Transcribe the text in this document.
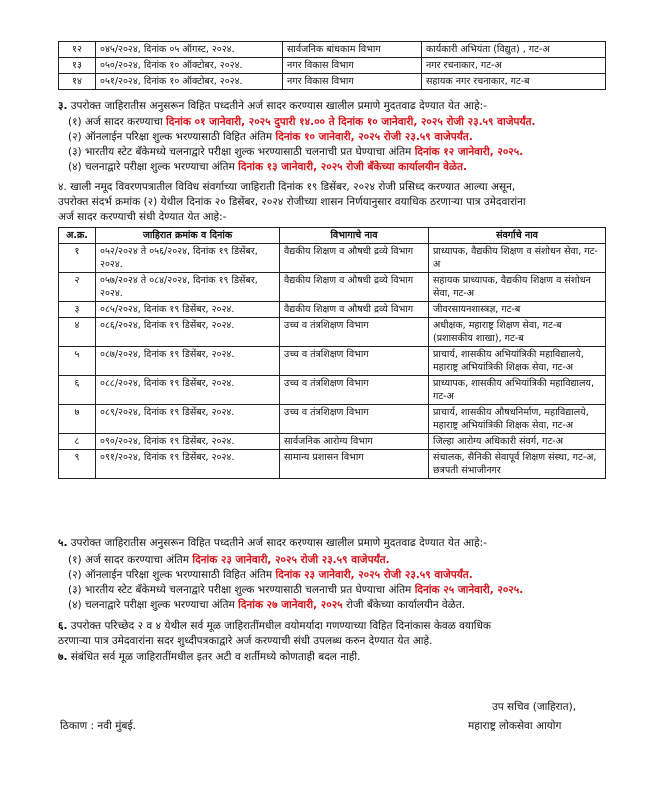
१२	०४५/२०२४, दिनांक ०५ ऑगस्ट, २०२४.	सार्वजनिक बांधकाम विभाग	कार्यकारी अभियंता (विद्युत) , गट-अ
१३	०५०/२०२४, दिनांक १० ऑक्टोबर, २०२४.	नगर विकास विभाग	नगर रचनाकार, गट-अ
१४	०५१/२०२४, दिनांक १० ऑक्टोबर, २०२४.	नगर विकास विभाग	सहायक नगर रचनाकार, गट-ब
३. उपरोक्त जाहिरातीस अनुसरून विहित पध्दतीने अर्ज सादर करण्यास खालील प्रमाणे मुदतवाढ देण्यात येत आहे:-
(१) अर्ज सादर करण्याचा दिनांक ०१ जानेवारी, २०२५ दुपारी १४.०० ते दिनांक १० जानेवारी, २०२५ रोजी २३.५९ वाजेपर्यंत.
(२) ऑनलाईन परिक्षा शुल्क भरण्यासाठी विहित अंतिम दिनांक १० जानेवारी, २०२५ रोजी २३.५९ वाजेपर्यंत.
(३) भारतीय स्टेट बँकेमध्ये चलनाद्वारे परीक्षा शुल्क भरण्यासाठी चलनाची प्रत घेण्याचा अंतिम दिनांक १२ जानेवारी, २०२५.
(४) चलनाद्वारे परीक्षा शुल्क भरण्याचा अंतिम दिनांक १३ जानेवारी, २०२५ रोजी बँकेच्या कार्यालयीन वेळेत.
४. खाली नमूद विवरणपत्रातील विविध संवर्गाच्या जाहिराती दिनांक १९ डिसेंबर, २०२४ रोजी प्रसिध्द करण्यात आल्या असून,
उपरोक्त संदर्भ क्रमांक (२) येथील दिनांक २० डिसेंबर, २०२४ रोजीच्या शासन निर्णयानुसार वयाधिक ठरणाऱ्या पात्र उमेदवारांना
अर्ज सादर करण्याची संधी देण्यात येत आहे:-
अ.क्र.	जाहिरात क्रमांक व दिनांक	विभागाचे नाव	संवर्गाचे नाव
१	०५२/२०२४ ते ०५६/२०२४, दिनांक १९ डिसेंबर, २०२४.	वैद्यकीय शिक्षण व औषधी द्रव्ये विभाग	प्राध्यापक, वैद्यकीय शिक्षण व संशोधन सेवा, गट-अ
२	०५७/२०२४ ते ०८४/२०२४, दिनांक १९ डिसेंबर, २०२४.	वैद्यकीय शिक्षण व औषधी द्रव्ये विभाग	सहायक प्राध्यापक, वैद्यकीय शिक्षण व संशोधन सेवा, गट-अ
३	०८५/२०२४, दिनांक १९ डिसेंबर, २०२४.	वैद्यकीय शिक्षण व औषधी द्रव्ये विभाग	जीवरसायनशास्त्रज्ञ, गट-ब
४	०८६/२०२४, दिनांक १९ डिसेंबर, २०२४.	उच्च व तंत्रशिक्षण विभाग	अधीक्षक, महाराष्ट्र शिक्षण सेवा, गट-ब (प्रशासकीय शाखा), गट-ब
५	०८७/२०२४, दिनांक १९ डिसेंबर, २०२४.	उच्च व तंत्रशिक्षण विभाग	प्राचार्य, शासकीय अभियांत्रिकी महाविद्यालये, महाराष्ट्र अभियांत्रिकी शिक्षक सेवा, गट-अ
६	०८८/२०२४, दिनांक १९ डिसेंबर, २०२४.	उच्च व तंत्रशिक्षण विभाग	प्राध्यापक, शासकीय अभियांत्रिकी महाविद्यालय, गट-अ
७	०८९/२०२४, दिनांक १९ डिसेंबर, २०२४.	उच्च व तंत्रशिक्षण विभाग	प्राचार्य, शासकीय औषधनिर्माण, महाविद्यालये, महाराष्ट्र अभियांत्रिकी शिक्षक सेवा, गट-अ
८	०९०/२०२४, दिनांक १९ डिसेंबर, २०२४.	सार्वजनिक आरोग्य विभाग	जिल्हा आरोग्य अधिकारी संवर्ग, गट-अ
९	०९१/२०२४, दिनांक १९ डिसेंबर, २०२४.	सामान्य प्रशासन विभाग	संचालक, सैनिकी सेवापूर्व शिक्षण संस्था, गट-अ, छत्रपती संभाजीनगर
५. उपरोक्त जाहिरातीस अनुसरून विहित पध्दतीने अर्ज सादर करण्यास खालील प्रमाणे मुदतवाढ देण्यात येत आहे:-
(१) अर्ज सादर करण्याचा अंतिम दिनांक २३ जानेवारी, २०२५ रोजी २३.५९ वाजेपर्यंत.
(२) ऑनलाईन परिक्षा शुल्क भरण्यासाठी विहित अंतिम दिनांक २३ जानेवारी, २०२५ रोजी २३.५९ वाजेपर्यंत.
(३) भारतीय स्टेट बँकेमध्ये चलनाद्वारे परीक्षा शुल्क भरण्यासाठी चलनाची प्रत घेण्याचा अंतिम दिनांक २५ जानेवारी, २०२५.
(४) चलनाद्वारे परीक्षा शुल्क भरण्याचा अंतिम दिनांक २७ जानेवारी, २०२५ रोजी बँकेच्या कार्यालयीन वेळेत.
६. उपरोक्त परिच्छेद २ व ४ येथील सर्व मूळ जाहिरातींमधील वयोमर्यादा गणण्याच्या विहित दिनांकास केवळ वयाधिक
ठरणाऱ्या पात्र उमेदवारांना सदर शुध्दीपत्रकाद्वारे अर्ज करण्याची संधी उपलब्ध करुन देण्यात येत आहे.
७. संबंधित सर्व मूळ जाहिरातींमधील इतर अटी व शर्तीमध्ये कोणताही बदल नाही.
उप सचिव (जाहिरात),
ठिकाण : नवी मुंबई.	महाराष्ट्र लोकसेवा आयोग
